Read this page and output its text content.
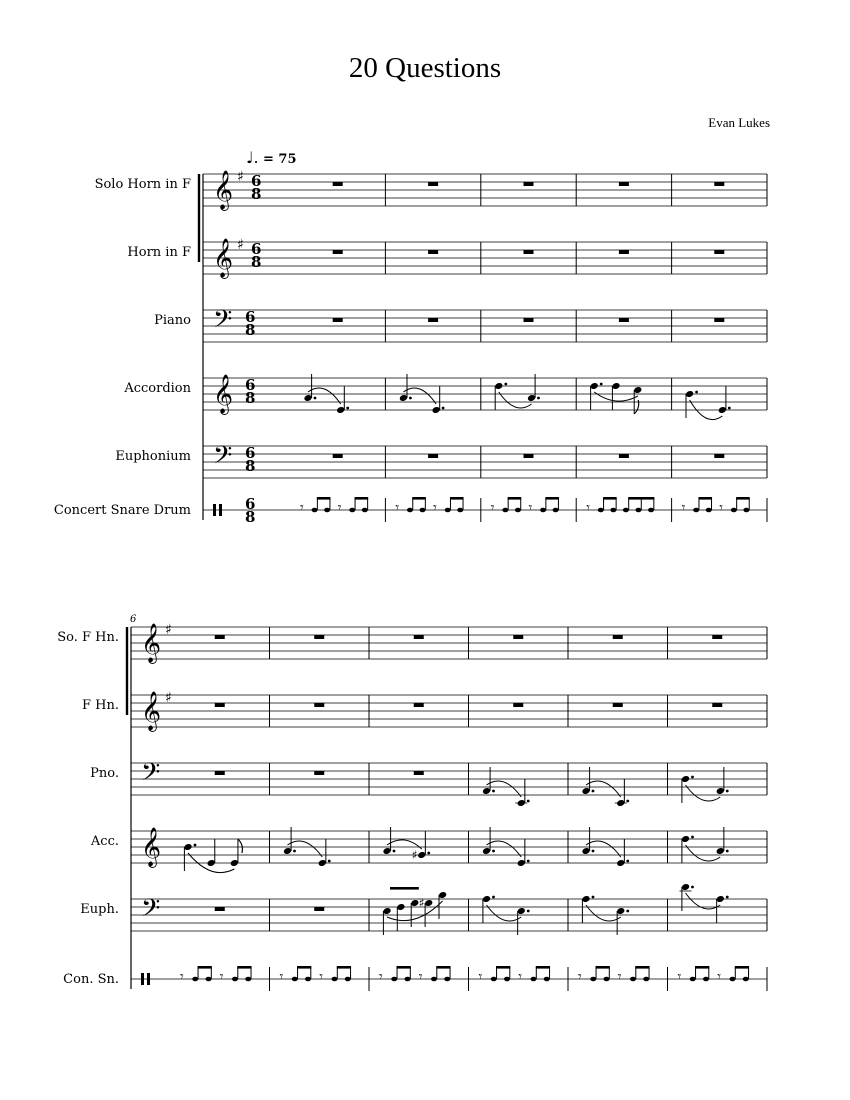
20 Questions
Evan Lukes
♩. = 75
Solo Horn in F 𝄞 ♯ 6
8
Horn in F 𝄞 ♯ 6
8
Piano 𝄢 6
8
Accordion 𝄞 6
8
Euphonium 𝄢 6
8
Concert Snare Drum	6
8	𝄾 𝄾	𝄾 𝄾	𝄾 𝄾	𝄾	𝄾 𝄾
6
So. F Hn. 𝄞 ♯
F Hn. 𝄞 ♯
Pno. 𝄢
Acc. 𝄞	♯
Euph. 𝄢	♯
Con. Sn.	𝄾	𝄾	𝄾	𝄾	𝄾	𝄾	𝄾	𝄾	𝄾	𝄾	𝄾	𝄾
